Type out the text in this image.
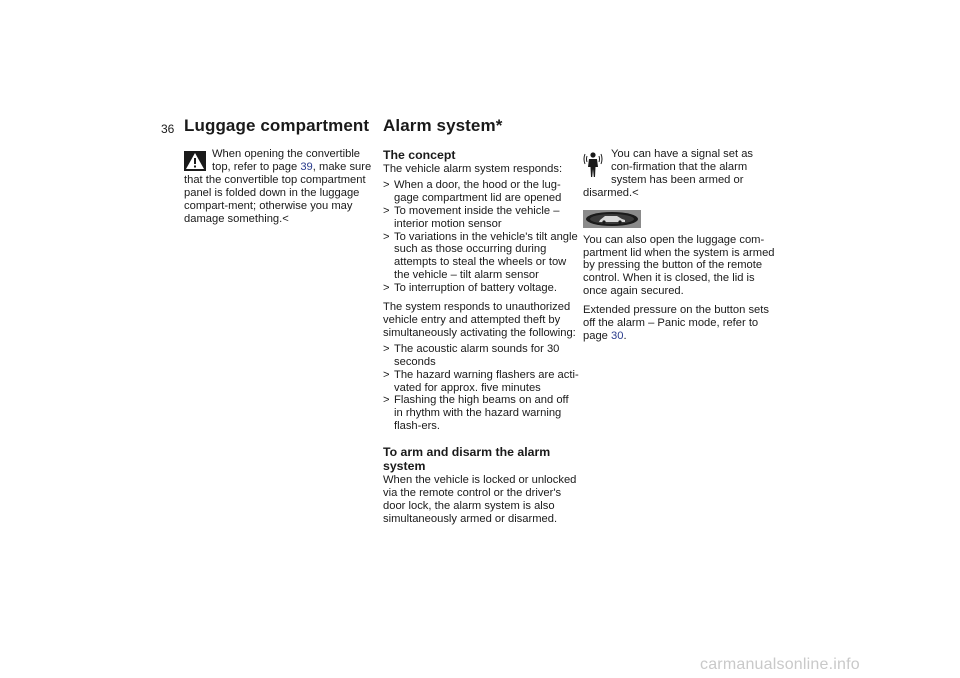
36 Luggage compartment

When opening the convertible top, refer to page 39, make sure that the convertible top compartment panel is folded down in the luggage compart-ment; otherwise you may damage something.<

Alarm system*
The concept

The vehicle alarm system responds:

> When a door, the hood or the lug-gage compartment lid are opened
> To movement inside the vehicle – interior motion sensor
> To variations in the vehicle's tilt angle such as those occurring during attempts to steal the wheels or tow the vehicle – tilt alarm sensor
> To interruption of battery voltage.

The system responds to unauthorized vehicle entry and attempted theft by simultaneously activating the following:

> The acoustic alarm sounds for 30 seconds
> The hazard warning flashers are acti-vated for approx. five minutes
> Flashing the high beams on and off in rhythm with the hazard warning flash-ers.
To arm and disarm the alarm system

When the vehicle is locked or unlocked via the remote control or the driver's door lock, the alarm system is also simultaneously armed or disarmed.

You can have a signal set as con-firmation that the alarm system has been armed or disarmed.<

You can also open the luggage com-partment lid when the system is armed by pressing the button of the remote control. When it is closed, the lid is once again secured.

Extended pressure on the button sets off the alarm – Panic mode, refer to page 30.

carmanualsonline.info
